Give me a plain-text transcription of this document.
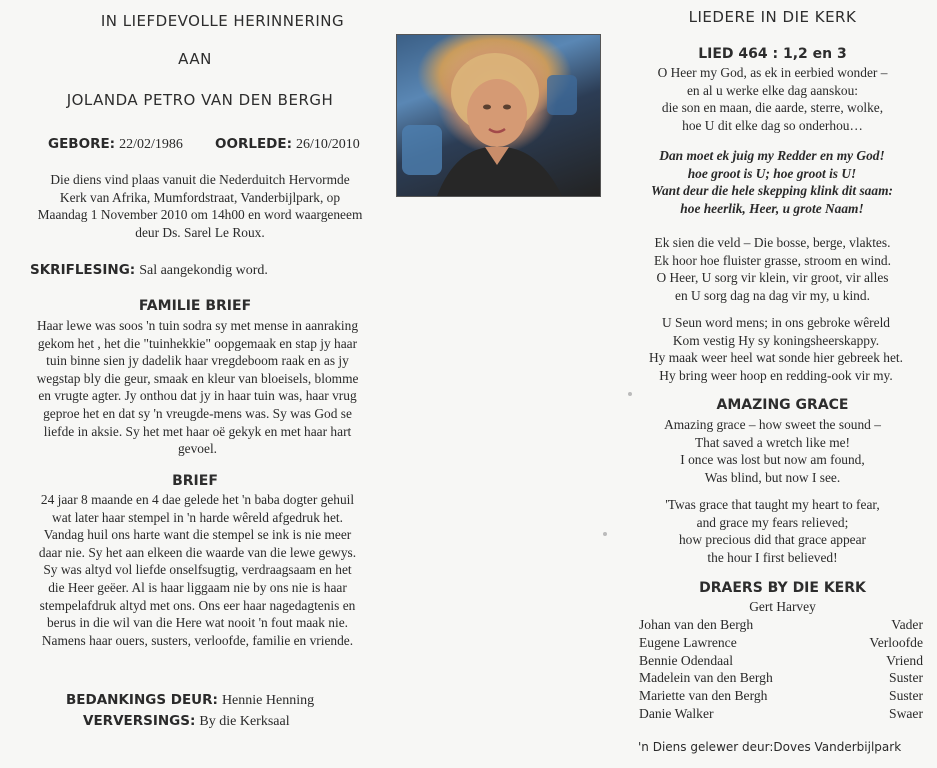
IN LIEFDEVOLLE HERINNERING
AAN
JOLANDA PETRO VAN DEN BERGH
GEBORE: 22/02/1986 OORLEDE: 26/10/2010
Die diens vind plaas vanuit die Nederduitch Hervormde
Kerk van Afrika, Mumfordstraat, Vanderbijlpark, op
Maandag 1 November 2010 om 14h00 en word waargeneem
deur Ds. Sarel Le Roux.
SKRIFLESING: Sal aangekondig word.
FAMILIE BRIEF
Haar lewe was soos 'n tuin sodra sy met mense in aanraking
gekom het , het die "tuinhekkie" oopgemaak en stap jy haar
tuin binne sien jy dadelik haar vregdeboom raak en as jy
wegstap bly die geur, smaak en kleur van bloeisels, blomme
en vrugte agter. Jy onthou dat jy in haar tuin was, haar vrug
geproe het en dat sy 'n vreugde-mens was. Sy was God se
liefde in aksie. Sy het met haar oë gekyk en met haar hart
gevoel.
BRIEF
24 jaar 8 maande en 4 dae gelede het 'n baba dogter gehuil
wat later haar stempel in 'n harde wêreld afgedruk het.
Vandag huil ons harte want die stempel se ink is nie meer
daar nie. Sy het aan elkeen die waarde van die lewe gewys.
Sy was altyd vol liefde onselfsugtig, verdraagsaam en het
die Heer geëer. Al is haar liggaam nie by ons nie is haar
stempelafdruk altyd met ons. Ons eer haar nagedagtenis en
berus in die wil van die Here wat nooit 'n fout maak nie.
Namens haar ouers, susters, verloofde, familie en vriende.
BEDANKINGS DEUR: Hennie Henning
VERVERSINGS: By die Kerksaal
LIEDERE IN DIE KERK
LIED 464 : 1,2 en 3
O Heer my God, as ek in eerbied wonder –
en al u werke elke dag aanskou:
die son en maan, die aarde, sterre, wolke,
hoe U dit elke dag so onderhou…
Dan moet ek juig my Redder en my God!
hoe groot is U; hoe groot is U!
Want deur die hele skepping klink dit saam:
hoe heerlik, Heer, u grote Naam!
Ek sien die veld – Die bosse, berge, vlaktes.
Ek hoor hoe fluister grasse, stroom en wind.
O Heer, U sorg vir klein, vir groot, vir alles
en U sorg dag na dag vir my, u kind.
U Seun word mens; in ons gebroke wêreld
Kom vestig Hy sy koningsheerskappy.
Hy maak weer heel wat sonde hier gebreek het.
Hy bring weer hoop en redding-ook vir my.
AMAZING GRACE
Amazing grace – how sweet the sound –
That saved a wretch like me!
I once was lost but now am found,
Was blind, but now I see.
'Twas grace that taught my heart to fear,
and grace my fears relieved;
how precious did that grace appear
the hour I first believed!
DRAERS BY DIE KERK
Gert Harvey
Johan van den Bergh	Vader
Eugene Lawrence	Verloofde
Bennie Odendaal	Vriend
Madelein van den Bergh	Suster
Mariette van den Bergh	Suster
Danie Walker	Swaer
'n Diens gelewer deur:Doves Vanderbijlpark
